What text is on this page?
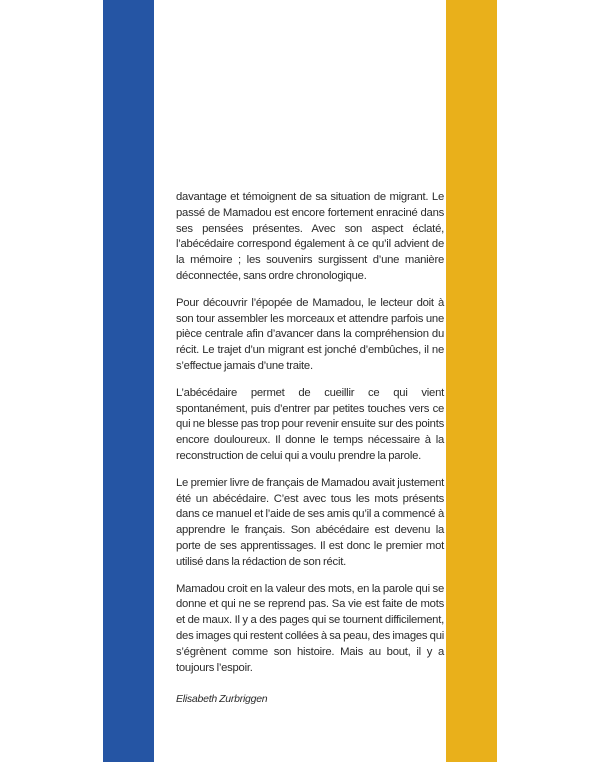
davantage et témoignent de sa situation de migrant. Le passé de Mamadou est encore fortement enraciné dans ses pensées présentes. Avec son aspect éclaté, l’abécédaire correspond également à ce qu’il advient de la mémoire ; les souvenirs surgissent d’une manière déconnectée, sans ordre chronologique.

Pour découvrir l’épopée de Mamadou, le lecteur doit à son tour assembler les morceaux et attendre parfois une pièce centrale afin d’avancer dans la compréhension du récit. Le trajet d’un migrant est jonché d’embûches, il ne s’effectue jamais d’une traite.

L’abécédaire permet de cueillir ce qui vient spontanément, puis d’entrer par petites touches vers ce qui ne blesse pas trop pour revenir ensuite sur des points encore douloureux. Il donne le temps nécessaire à la reconstruction de celui qui a voulu prendre la parole.

Le premier livre de français de Mamadou avait justement été un abécédaire. C’est avec tous les mots présents dans ce manuel et l’aide de ses amis qu’il a commencé à apprendre le français. Son abécédaire est devenu la porte de ses apprentissages. Il est donc le premier mot utilisé dans la rédaction de son récit.

Mamadou croit en la valeur des mots, en la parole qui se donne et qui ne se reprend pas. Sa vie est faite de mots et de maux. Il y a des pages qui se tournent difficilement, des images qui restent collées à sa peau, des images qui s’égrènent comme son histoire. Mais au bout, il y a toujours l’espoir.

Elisabeth Zurbriggen
